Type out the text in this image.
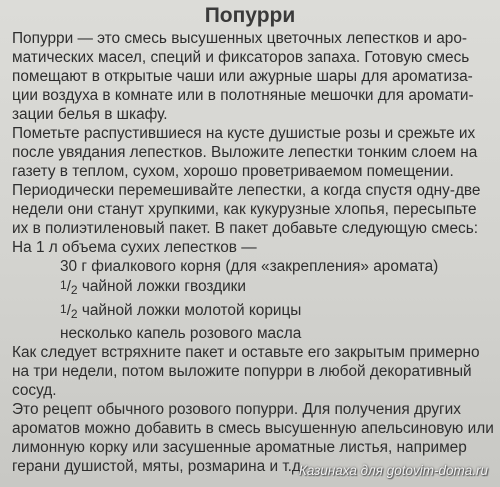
Попурри
Попурри — это смесь высушенных цветочных лепестков и аро-
матических масел, специй и фиксаторов запаха. Готовую смесь
помещают в открытые чаши или ажурные шары для ароматиза-
ции воздуха в комнате или в полотняные мешочки для аромати-
зации белья в шкафу.
Пометьте распустившиеся на кусте душистые розы и срежьте их
после увядания лепестков. Выложите лепестки тонким слоем на
газету в теплом, сухом, хорошо проветриваемом помещении.
Периодически перемешивайте лепестки, а когда спустя одну-две
недели они станут хрупкими, как кукурузные хлопья, пересыпьте
их в полиэтиленовый пакет. В пакет добавьте следующую смесь:
На 1 л объема сухих лепестков —
30 г фиалкового корня (для «закрепления» аромата)
1/2 чайной ложки гвоздики
1/2 чайной ложки молотой корицы
несколько капель розового масла
Как следует встряхните пакет и оставьте его закрытым примерно
на три недели, потом выложите попурри в любой декоративный
сосуд.
Это рецепт обычного розового попурри. Для получения других
ароматов можно добавить в смесь высушенную апельсиновую или
лимонную корку или засушенные ароматные листья, например
герани душистой, мяты, розмарина и т.д.
Казинаха для gotovim-doma.ru
